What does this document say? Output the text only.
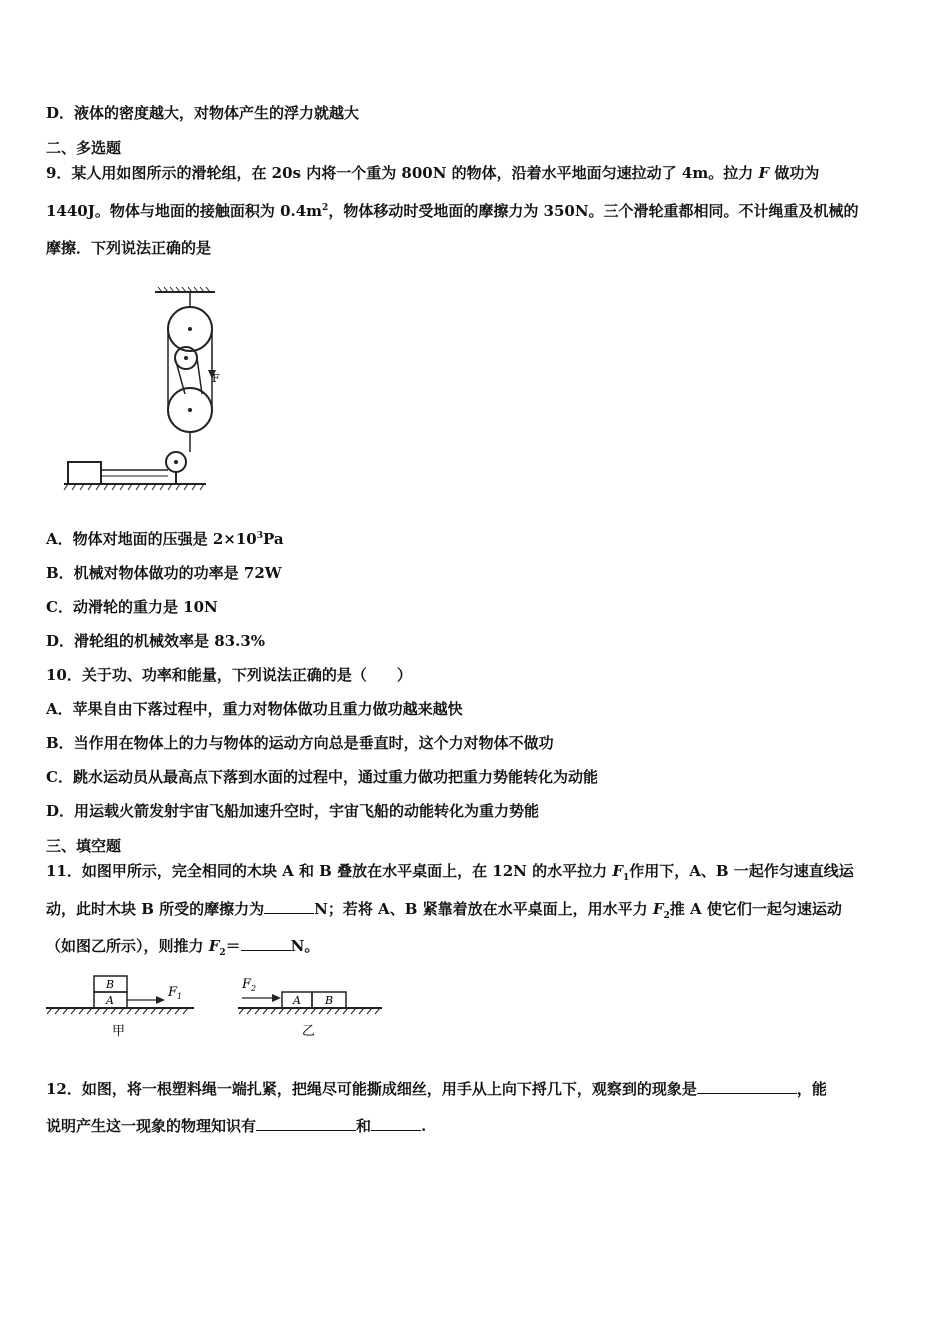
D．液体的密度越大，对物体产生的浮力就越大
二、多选题
9．某人用如图所示的滑轮组，在 20s 内将一个重为 800N 的物体，沿着水平地面匀速拉动了 4m。拉力 F 做功为
1440J。物体与地面的接触面积为 $0.4m^2$，物体移动时受地面的摩擦力为 350N。三个滑轮重都相同。不计绳重及机械的
摩擦．下列说法正确的是
F
A．物体对地面的压强是 $2\times 10^3Pa$
B．机械对物体做功的功率是 72W
C．动滑轮的重力是 10N
D．滑轮组的机械效率是 83.3%
10．关于功、功率和能量，下列说法正确的是（　　）
A．苹果自由下落过程中，重力对物体做功且重力做功越来越快
B．当作用在物体上的力与物体的运动方向总是垂直时，这个力对物体不做功
C．跳水运动员从最高点下落到水面的过程中，通过重力做功把重力势能转化为动能
D．用运载火箭发射宇宙飞船加速升空时，宇宙飞船的动能转化为重力势能
三、填空题
11．如图甲所示，完全相同的木块 A 和 B 叠放在水平桌面上，在 12N 的水平拉力 $F_1$作用下，A、B 一起作匀速直线运
动，此时木块 B 所受的摩擦力为	N；若将 A、B 紧靠着放在水平桌面上，用水平力 $F_2$推 A 使它们一起匀速运动
（如图乙所示），则推力 $F_2=$	N。
B
A
$F_1$
甲
$F_2$
A B
乙
12．如图，将一根塑料绳一端扎紧，把绳尽可能撕成细丝，用手从上向下捋几下，观察到的现象是	，能
说明产生这一现象的物理知识有	和	.
